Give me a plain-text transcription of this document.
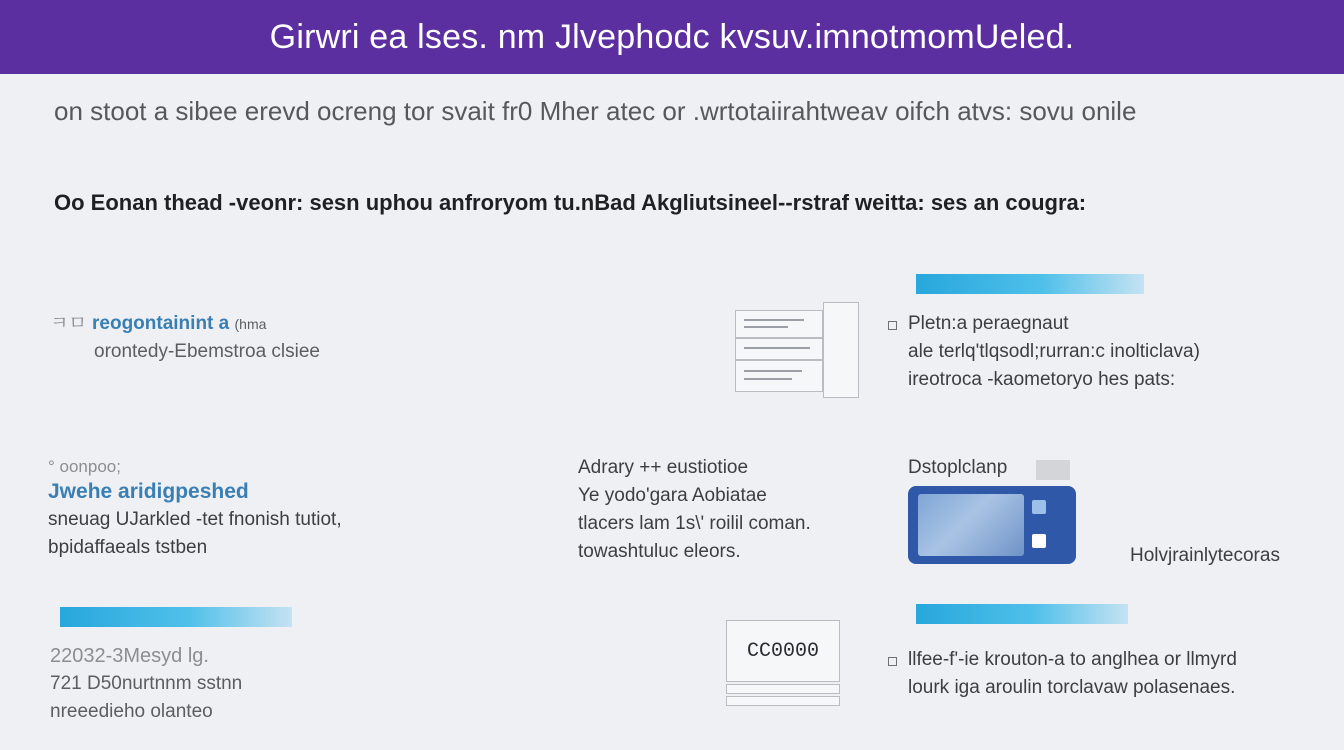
Girwri ea lses. nm Jlvephodc kvsuv.imnotmomUeled.
on stoot a sibee erevd ocreng tor svait fr0 Mher atec or .wrtotaiirahtweav oifch atvs: sovu onile
Oo Eonan thead -veonr: sesn uphou anfroryom tu.nBad Akgliutsineel--rstraf weitta: ses an cougra:
ㅋㅁ reogontainint a (hma
orontedy-Ebemstroa clsiee
° oonpoo;
Jwehe aridigpeshed
sneuag UJarkled -tet fnonish tutiot,
bpidaffaeals tstben
22032-3Mesyd lg.
721 D50nurtnnm sstnn
nreeedieho olanteo
Adrary ++ eustiotioe
Ye yodo'gara Aobiatae
tlacers lam 1s\' roilil coman.
towashtuluc eleors.
CC0000
Pletn:a peraegnaut
ale terlq'tlqsodl;rurran:c inolticlava)
ireotroca -kaometoryo hes pats:
Dstoplclanp
Holvjrainlytecoras
llfee-f'-ie krouton-a to anglhea or llmyrd
lourk iga aroulin torclavaw polasenaes.
